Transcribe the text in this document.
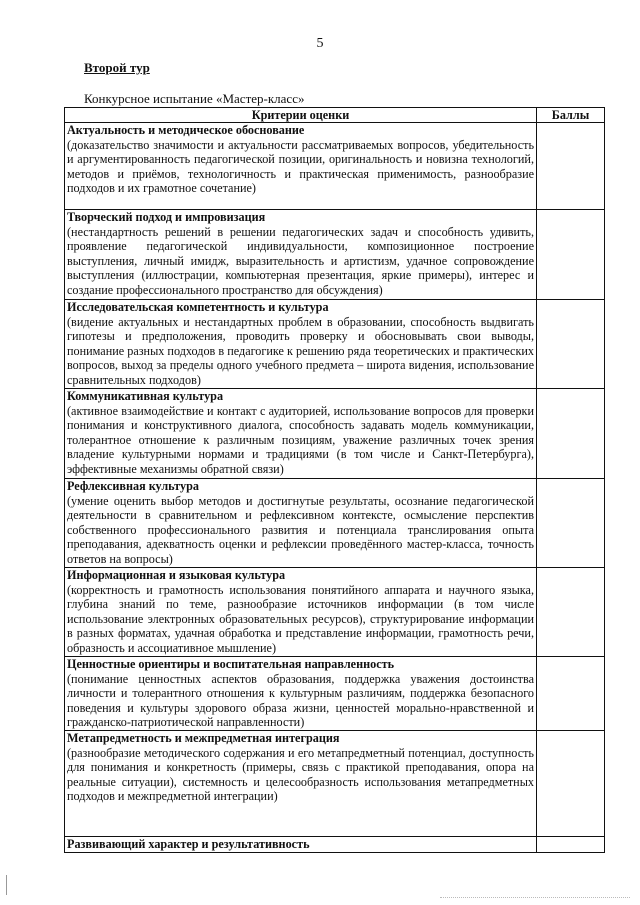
5
Второй тур
Конкурсное испытание «Мастер-класс»
Критерии оценки	Баллы

Актуальность и методическое обоснование
(доказательство значимости и актуальности рассматриваемых вопросов, убедительность и аргументированность педагогической позиции, оригинальность и новизна технологий, методов и приёмов, технологичность и практическая применимость, разнообразие подходов и их грамотное сочетание)	

Творческий подход и импровизация
(нестандартность решений в решении педагогических задач и способность удивить, проявление педагогической индивидуальности, композиционное построение выступления, личный имидж, выразительность и артистизм, удачное сопровождение выступления (иллюстрации, компьютерная презентация, яркие примеры), интерес и создание профессионального пространство для обсуждения)	

Исследовательская компетентность и культура
(видение актуальных и нестандартных проблем в образовании, способность выдвигать гипотезы и предположения, проводить проверку и обосновывать свои выводы, понимание разных подходов в педагогике к решению ряда теоретических и практических вопросов, выход за пределы одного учебного предмета – широта видения, использование сравнительных подходов)	

Коммуникативная культура
(активное взаимодействие и контакт с аудиторией, использование вопросов для проверки понимания и конструктивного диалога, способность задавать модель коммуникации, толерантное отношение к различным позициям, уважение различных точек зрения владение культурными нормами и традициями (в том числе и Санкт-Петербурга), эффективные механизмы обратной связи)	

Рефлексивная культура
(умение оценить выбор методов и достигнутые результаты, осознание педагогической деятельности в сравнительном и рефлексивном контексте, осмысление перспектив собственного профессионального развития и потенциала транслирования опыта преподавания, адекватность оценки и рефлексии проведённого мастер-класса, точность ответов на вопросы)	

Информационная и языковая культура
(корректность и грамотность использования понятийного аппарата и научного языка, глубина знаний по теме, разнообразие источников информации (в том числе использование электронных образовательных ресурсов), структурирование информации в разных форматах, удачная обработка и представление информации, грамотность речи, образность и ассоциативное мышление)	

Ценностные ориентиры и воспитательная направленность
(понимание ценностных аспектов образования, поддержка уважения достоинства личности и толерантного отношения к культурным различиям, поддержка безопасного поведения и культуры здорового образа жизни, ценностей морально-нравственной и гражданско-патриотической направленности)	

Метапредметность и межпредметная интеграция
(разнообразие методического содержания и его метапредметный потенциал, доступность для понимания и конкретность (примеры, связь с практикой преподавания, опора на реальные ситуации), системность и целесообразность использования метапредметных подходов и межпредметной интеграции)	

Развивающий характер и результативность	
